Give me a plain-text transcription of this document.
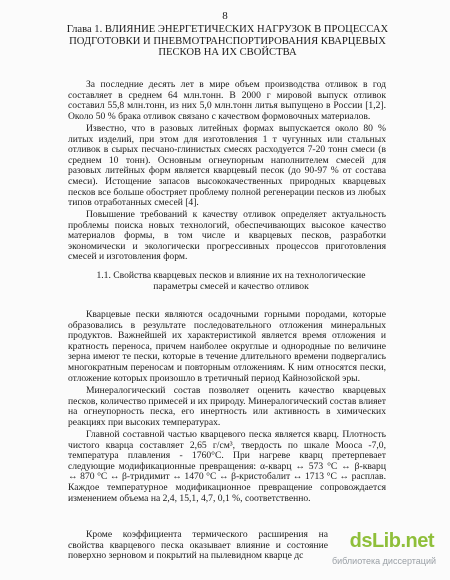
8
Глава 1. ВЛИЯНИЕ ЭНЕРГЕТИЧЕСКИХ НАГРУЗОК В ПРОЦЕССАХ ПОДГОТОВКИ И ПНЕВМОТРАНСПОРТИРОВАНИЯ КВАРЦЕВЫХ ПЕСКОВ НА ИХ СВОЙСТВА

За последние десять лет в мире объем производства отливок в год составляет в среднем 64 млн.тонн. В 2000 г мировой выпуск отливок составил 55,8 млн.тонн, из них 5,0 млн.тонн литья выпущено в России [1,2]. Около 50 % брака отливок связано с качеством формовочных материалов.

Известно, что в разовых литейных формах выпускается около 80 % литых изделий, при этом для изготовления 1 т чугунных или стальных отливок в сырых песчано-глинистых смесях расходуется 7-20 тонн смеси (в среднем 10 тонн). Основным огнеупорным наполнителем смесей для разовых литейных форм является кварцевый песок (до 90-97 % от состава смеси). Истощение запасов высококачественных природных кварцевых песков все больше обостряет проблему полной регенерации песков из любых типов отработанных смесей [4].

Повышение требований к качеству отливок определяет актуальность проблемы поиска новых технологий, обеспечивающих высокое качество материалов формы, в том числе и кварцевых песков, разработки экономически и экологически прогрессивных процессов приготовления смесей и изготовления форм.

1.1. Свойства кварцевых песков и влияние их на технологические параметры смесей и качество отливок

Кварцевые пески являются осадочными горными породами, которые образовались в результате последовательного отложения минеральных продуктов. Важнейшей их характеристикой является время отложения и кратность переноса, причем наиболее округлые и однородные по величине зерна имеют те пески, которые в течение длительного времени подвергались многократным переносам и повторным отложениям. К ним относятся пески, отложение которых произошло в третичный период Кайнозойской эры.

Минералогический состав позволяет оценить качество кварцевых песков, количество примесей и их природу. Минералогический состав влияет на огнеупорность песка, его инертность или активность в химических реакциях при высоких температурах.

Главной составной частью кварцевого песка является кварц. Плотность чистого кварца составляет 2,65 г/см³, твердость по шкале Мооса -7,0, температура плавления - 1760°С. При нагреве кварц претерпевает следующие модификационные превращения: α-кварц ↔ 573 °С ↔ β-кварц ↔ 870 °С ↔ β-тридимит ↔ 1470 °С ↔ β-кристобалит ↔ 1713 °С ↔ расплав. Каждое температурное модификационное превращение сопровождается изменением объема на 2,4, 15,1, 4,7, 0,1 %, соответственно.

Кроме коэффициента термического расширения на свойства кварцевого песка оказывает влияние и состояние поверхно зерновом и покрытий на пылевидном кварце дс

dsLib.net
библиотека диссертаций
